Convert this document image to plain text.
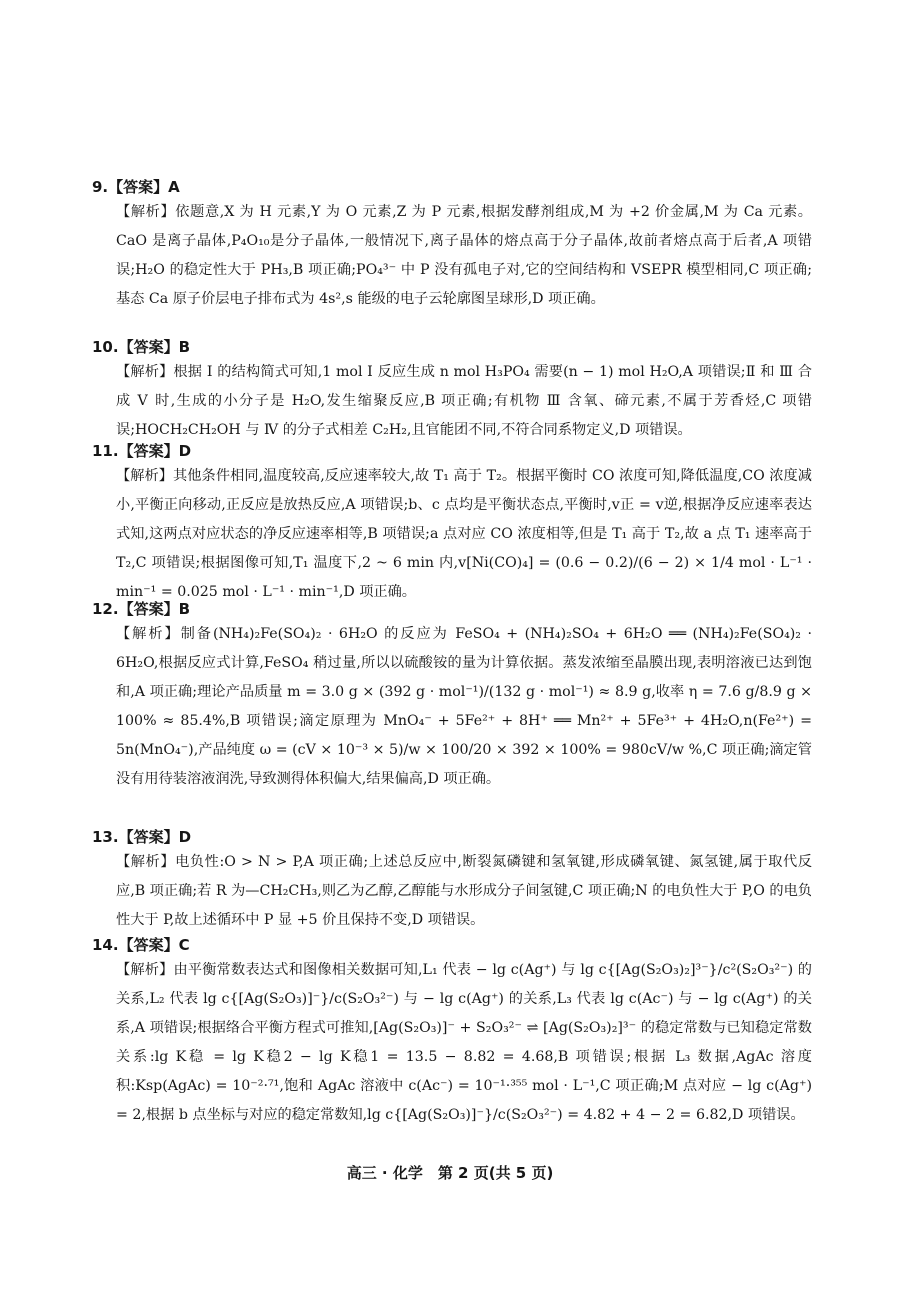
9.【答案】A
【解析】依题意,X 为 H 元素,Y 为 O 元素,Z 为 P 元素,根据发酵剂组成,M 为 +2 价金属,M 为 Ca 元素。CaO 是离子晶体,P₄O₁₀是分子晶体,一般情况下,离子晶体的熔点高于分子晶体,故前者熔点高于后者,A 项错误;H₂O 的稳定性大于 PH₃,B 项正确;PO₄³⁻ 中 P 没有孤电子对,它的空间结构和 VSEPR 模型相同,C 项正确;基态 Ca 原子价层电子排布式为 4s²,s 能级的电子云轮廓图呈球形,D 项正确。
10.【答案】B
【解析】根据 Ⅰ 的结构简式可知,1 mol Ⅰ 反应生成 n mol H₃PO₄ 需要(n − 1) mol H₂O,A 项错误;Ⅱ 和 Ⅲ 合成 Ⅴ 时,生成的小分子是 H₂O,发生缩聚反应,B 项正确;有机物 Ⅲ 含氧、碲元素,不属于芳香烃,C 项错误;HOCH₂CH₂OH 与 Ⅳ 的分子式相差 C₂H₂,且官能团不同,不符合同系物定义,D 项错误。
11.【答案】D
【解析】其他条件相同,温度较高,反应速率较大,故 T₁ 高于 T₂。根据平衡时 CO 浓度可知,降低温度,CO 浓度减小,平衡正向移动,正反应是放热反应,A 项错误;b、c 点均是平衡状态点,平衡时,v正 = v逆,根据净反应速率表达式知,这两点对应状态的净反应速率相等,B 项错误;a 点对应 CO 浓度相等,但是 T₁ 高于 T₂,故 a 点 T₁ 速率高于 T₂,C 项错误;根据图像可知,T₁ 温度下,2 ~ 6 min 内,v[Ni(CO)₄] = (0.6 − 0.2)/(6 − 2) × 1/4 mol · L⁻¹ · min⁻¹ = 0.025 mol · L⁻¹ · min⁻¹,D 项正确。
12.【答案】B
【解析】制备(NH₄)₂Fe(SO₄)₂ · 6H₂O 的反应为 FeSO₄ + (NH₄)₂SO₄ + 6H₂O ══ (NH₄)₂Fe(SO₄)₂ · 6H₂O,根据反应式计算,FeSO₄ 稍过量,所以以硫酸铵的量为计算依据。蒸发浓缩至晶膜出现,表明溶液已达到饱和,A 项正确;理论产品质量 m = 3.0 g × (392 g · mol⁻¹)/(132 g · mol⁻¹) ≈ 8.9 g,收率 η = 7.6 g/8.9 g × 100% ≈ 85.4%,B 项错误;滴定原理为 MnO₄⁻ + 5Fe²⁺ + 8H⁺ ══ Mn²⁺ + 5Fe³⁺ + 4H₂O,n(Fe²⁺) = 5n(MnO₄⁻),产品纯度 ω = (cV × 10⁻³ × 5)/w × 100/20 × 392 × 100% = 980cV/w %,C 项正确;滴定管没有用待装溶液润洗,导致测得体积偏大,结果偏高,D 项正确。
13.【答案】D
【解析】电负性:O > N > P,A 项正确;上述总反应中,断裂氮磷键和氢氧键,形成磷氧键、氮氢键,属于取代反应,B 项正确;若 R 为—CH₂CH₃,则乙为乙醇,乙醇能与水形成分子间氢键,C 项正确;N 的电负性大于 P,O 的电负性大于 P,故上述循环中 P 显 +5 价且保持不变,D 项错误。
14.【答案】C
【解析】由平衡常数表达式和图像相关数据可知,L₁ 代表 − lg c(Ag⁺) 与 lg c{[Ag(S₂O₃)₂]³⁻}/c²(S₂O₃²⁻) 的关系,L₂ 代表 lg c{[Ag(S₂O₃)]⁻}/c(S₂O₃²⁻) 与 − lg c(Ag⁺) 的关系,L₃ 代表 lg c(Ac⁻) 与 − lg c(Ag⁺) 的关系,A 项错误;根据络合平衡方程式可推知,[Ag(S₂O₃)]⁻ + S₂O₃²⁻ ⇌ [Ag(S₂O₃)₂]³⁻ 的稳定常数与已知稳定常数关系:lg K稳 = lg K稳2 − lg K稳1 = 13.5 − 8.82 = 4.68,B 项错误;根据 L₃ 数据,AgAc 溶度积:Ksp(AgAc) = 10⁻²·⁷¹,饱和 AgAc 溶液中 c(Ac⁻) = 10⁻¹·³⁵⁵ mol · L⁻¹,C 项正确;M 点对应 − lg c(Ag⁺) = 2,根据 b 点坐标与对应的稳定常数知,lg c{[Ag(S₂O₃)]⁻}/c(S₂O₃²⁻) = 4.82 + 4 − 2 = 6.82,D 项错误。
高三 · 化学　第 2 页(共 5 页)
